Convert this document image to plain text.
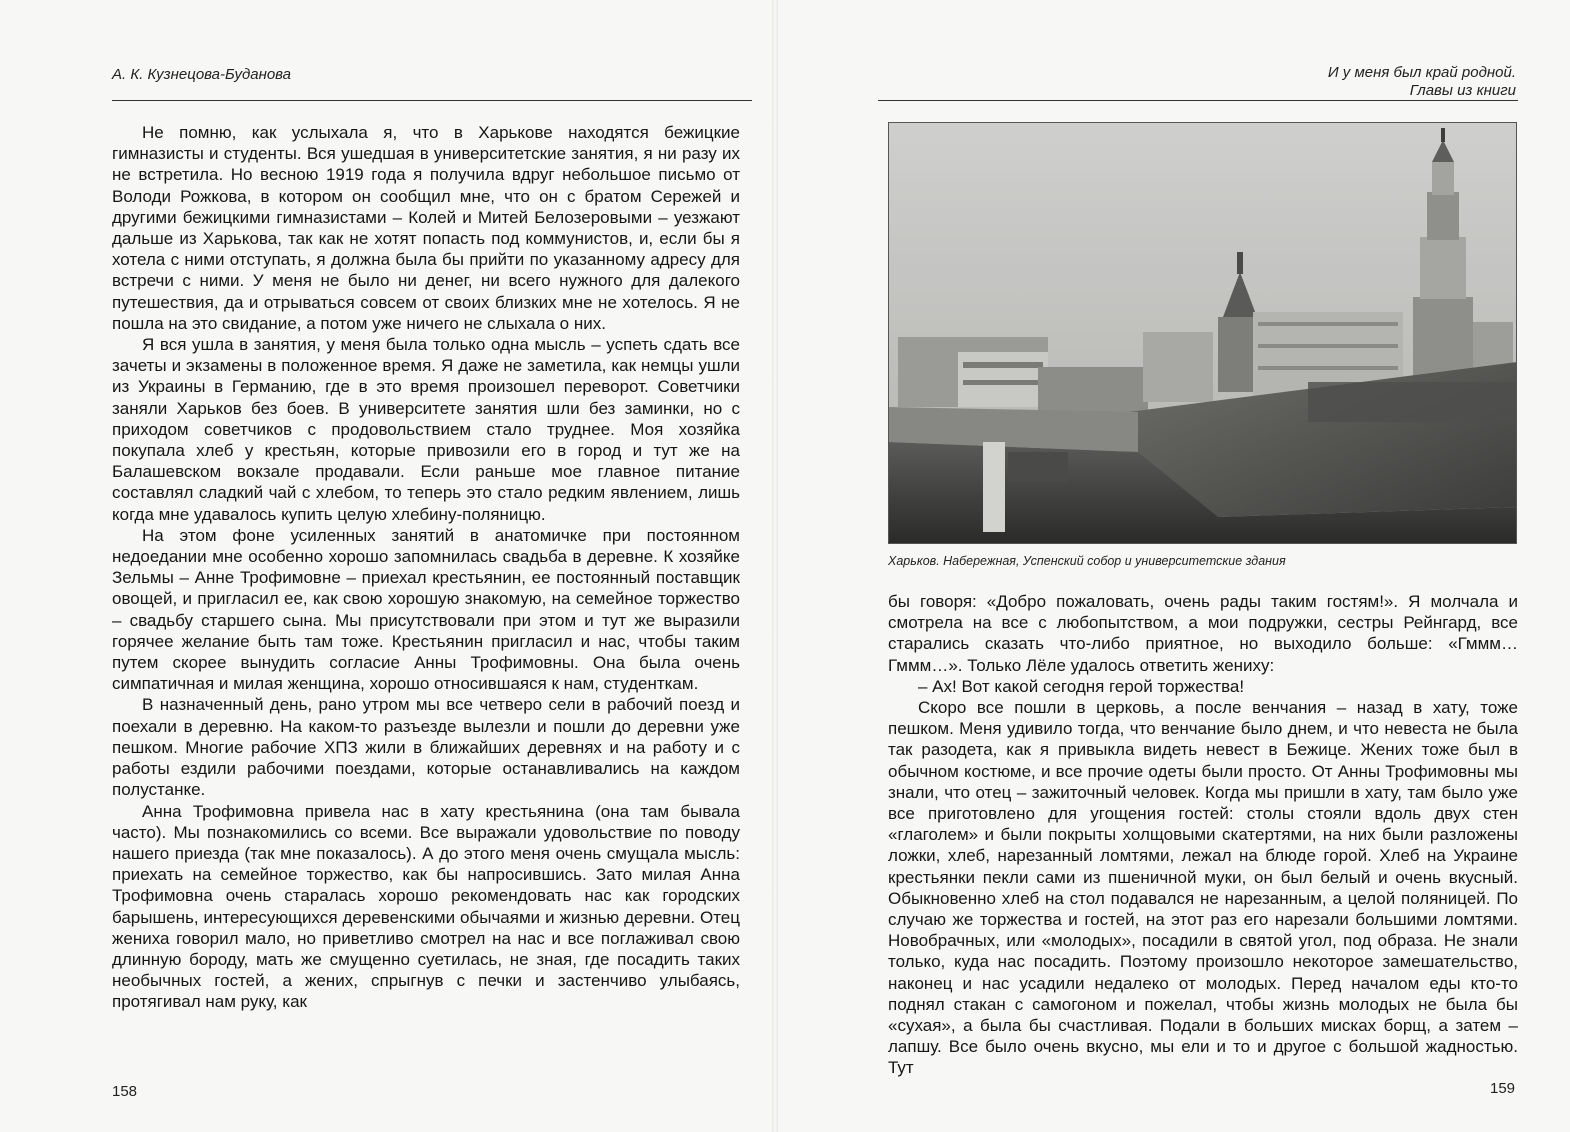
А. К. Кузнецова-Буданова

Не помню, как услыхала я, что в Харькове находятся бежицкие гимназисты и студенты. Вся ушедшая в университетские занятия, я ни разу их не встретила. Но весною 1919 года я получила вдруг небольшое письмо от Володи Рожкова, в котором он сообщил мне, что он с братом Сережей и другими бежицкими гимназистами – Колей и Митей Белозеровыми – уезжают дальше из Харькова, так как не хотят попасть под коммунистов, и, если бы я хотела с ними отступать, я должна была бы прийти по указанному адресу для встречи с ними. У меня не было ни денег, ни всего нужного для далекого путешествия, да и отрываться совсем от своих близких мне не хотелось. Я не пошла на это свидание, а потом уже ничего не слыхала о них.

Я вся ушла в занятия, у меня была только одна мысль – успеть сдать все зачеты и экзамены в положенное время. Я даже не заметила, как немцы ушли из Украины в Германию, где в это время произошел переворот. Советчики заняли Харьков без боев. В университете занятия шли без заминки, но с приходом советчиков с продовольствием стало труднее. Моя хозяйка покупала хлеб у крестьян, которые привозили его в город и тут же на Балашевском вокзале продавали. Если раньше мое главное питание составлял сладкий чай с хлебом, то теперь это стало редким явлением, лишь когда мне удавалось купить целую хлебину-поляницю.

На этом фоне усиленных занятий в анатомичке при постоянном недоедании мне особенно хорошо запомнилась свадьба в деревне. К хозяйке Зельмы – Анне Трофимовне – приехал крестьянин, ее постоянный поставщик овощей, и пригласил ее, как свою хорошую знакомую, на семейное торжество – свадьбу старшего сына. Мы присутствовали при этом и тут же выразили горячее желание быть там тоже. Крестьянин пригласил и нас, чтобы таким путем скорее вынудить согласие Анны Трофимовны. Она была очень симпатичная и милая женщина, хорошо относившаяся к нам, студенткам.

В назначенный день, рано утром мы все четверо сели в рабочий поезд и поехали в деревню. На каком-то разъезде вылезли и пошли до деревни уже пешком. Многие рабочие ХПЗ жили в ближайших деревнях и на работу и с работы ездили рабочими поездами, которые останавливались на каждом полустанке.

Анна Трофимовна привела нас в хату крестьянина (она там бывала часто). Мы познакомились со всеми. Все выражали удовольствие по поводу нашего приезда (так мне показалось). А до этого меня очень смущала мысль: приехать на семейное торжество, как бы напросившись. Зато милая Анна Трофимовна очень старалась хорошо рекомендовать нас как городских барышень, интересующихся деревенскими обычаями и жизнью деревни. Отец жениха говорил мало, но приветливо смотрел на нас и все поглаживал свою длинную бороду, мать же смущенно суетилась, не зная, где посадить таких необычных гостей, а жених, спрыгнув с печки и застенчиво улыбаясь, протягивал нам руку, как

158
И у меня был край родной.
Главы из книги
Харьков. Набережная, Успенский собор и университетские здания

бы говоря: «Добро пожаловать, очень рады таким гостям!». Я молчала и смотрела на все с любопытством, а мои подружки, сестры Рейнгард, все старались сказать что-либо приятное, но выходило больше: «Гммм… Гммм…». Только Лёле удалось ответить жениху:

– Ах! Вот какой сегодня герой торжества!

Скоро все пошли в церковь, а после венчания – назад в хату, тоже пешком. Меня удивило тогда, что венчание было днем, и что невеста не была так разодета, как я привыкла видеть невест в Бежице. Жених тоже был в обычном костюме, и все прочие одеты были просто. От Анны Трофимовны мы знали, что отец – зажиточный человек. Когда мы пришли в хату, там было уже все приготовлено для угощения гостей: столы стояли вдоль двух стен «глаголем» и были покрыты холщовыми скатертями, на них были разложены ложки, хлеб, нарезанный ломтями, лежал на блюде горой. Хлеб на Украине крестьянки пекли сами из пшеничной муки, он был белый и очень вкусный. Обыкновенно хлеб на стол подавался не нарезанным, а целой поляницей. По случаю же торжества и гостей, на этот раз его нарезали большими ломтями. Новобрачных, или «молодых», посадили в святой угол, под образа. Не знали только, куда нас посадить. Поэтому произошло некоторое замешательство, наконец и нас усадили недалеко от молодых. Перед началом еды кто-то поднял стакан с самогоном и пожелал, чтобы жизнь молодых не была бы «сухая», а была бы счастливая. Подали в больших мисках борщ, а затем – лапшу. Все было очень вкусно, мы ели и то и другое с большой жадностью. Тут

159
